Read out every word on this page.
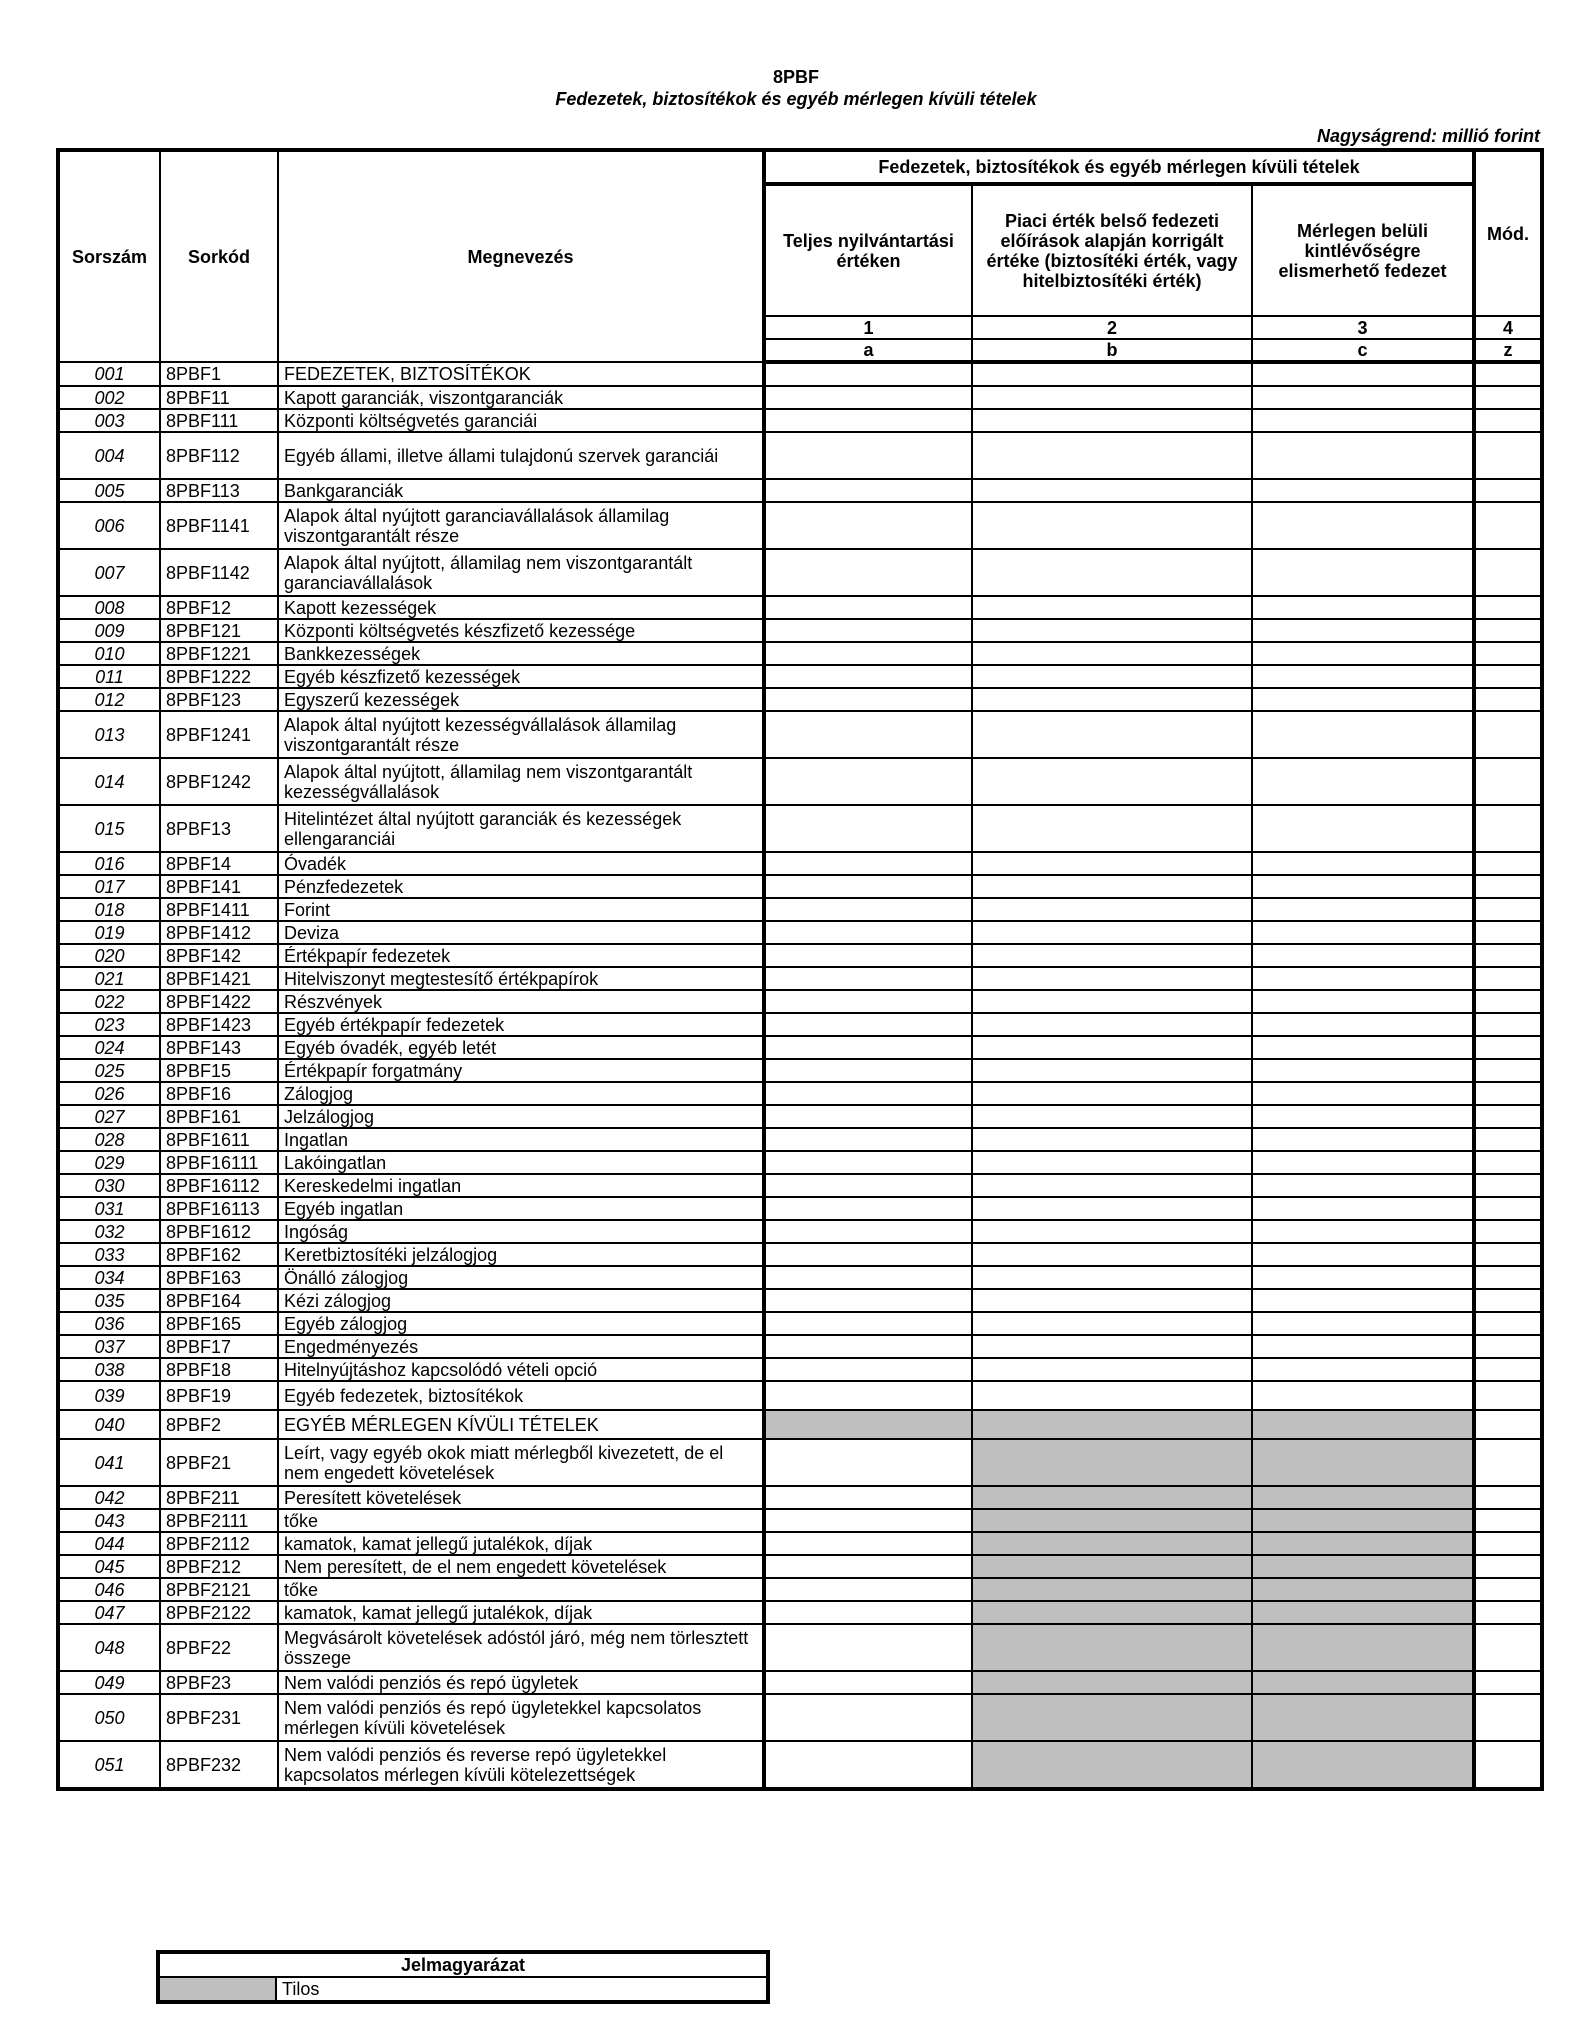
8PBF
Fedezetek, biztosítékok és egyéb mérlegen kívüli tételek
Nagyságrend: millió forint
Sorszám	Sorkód	Megnevezés	Fedezetek, biztosítékok és egyéb mérlegen kívüli tételek			Mód.
			Teljes nyilvántartási értéken	Piaci érték belső fedezeti előírások alapján korrigált értéke (biztosítéki érték, vagy hitelbiztosítéki érték)	Mérlegen belüli kintlévőségre elismerhető fedezet	
			1	2	3	4
			a	b	c	z
001	8PBF1	FEDEZETEK, BIZTOSÍTÉKOK				
002	8PBF11	Kapott garanciák, viszontgaranciák				
003	8PBF111	Központi költségvetés garanciái				
004	8PBF112	Egyéb állami, illetve állami tulajdonú szervek garanciái				
005	8PBF113	Bankgaranciák				
006	8PBF1141	Alapok által nyújtott garanciavállalások államilag viszontgarantált része				
007	8PBF1142	Alapok által nyújtott, államilag nem viszontgarantált garanciavállalások				
008	8PBF12	Kapott kezességek				
009	8PBF121	Központi költségvetés készfizető kezessége				
010	8PBF1221	Bankkezességek				
011	8PBF1222	Egyéb készfizető kezességek				
012	8PBF123	Egyszerű kezességek				
013	8PBF1241	Alapok által nyújtott kezességvállalások államilag viszontgarantált része				
014	8PBF1242	Alapok által nyújtott, államilag nem viszontgarantált kezességvállalások				
015	8PBF13	Hitelintézet által nyújtott garanciák és kezességek ellengaranciái				
016	8PBF14	Óvadék				
017	8PBF141	Pénzfedezetek				
018	8PBF1411	Forint				
019	8PBF1412	Deviza				
020	8PBF142	Értékpapír fedezetek				
021	8PBF1421	Hitelviszonyt megtestesítő értékpapírok				
022	8PBF1422	Részvények				
023	8PBF1423	Egyéb értékpapír fedezetek				
024	8PBF143	Egyéb óvadék, egyéb letét				
025	8PBF15	Értékpapír forgatmány				
026	8PBF16	Zálogjog				
027	8PBF161	Jelzálogjog				
028	8PBF1611	Ingatlan				
029	8PBF16111	Lakóingatlan				
030	8PBF16112	Kereskedelmi ingatlan				
031	8PBF16113	Egyéb ingatlan				
032	8PBF1612	Ingóság				
033	8PBF162	Keretbiztosítéki jelzálogjog				
034	8PBF163	Önálló zálogjog				
035	8PBF164	Kézi zálogjog				
036	8PBF165	Egyéb zálogjog				
037	8PBF17	Engedményezés				
038	8PBF18	Hitelnyújtáshoz kapcsolódó vételi opció				
039	8PBF19	Egyéb fedezetek, biztosítékok				
040	8PBF2	EGYÉB MÉRLEGEN KÍVÜLI TÉTELEK				
041	8PBF21	Leírt, vagy egyéb okok miatt mérlegből kivezetett, de el nem engedett követelések				
042	8PBF211	Peresített követelések				
043	8PBF2111	tőke				
044	8PBF2112	kamatok, kamat jellegű jutalékok, díjak				
045	8PBF212	Nem peresített, de el nem engedett követelések				
046	8PBF2121	tőke				
047	8PBF2122	kamatok, kamat jellegű jutalékok, díjak				
048	8PBF22	Megvásárolt követelések adóstól járó, még nem törlesztett összege				
049	8PBF23	Nem valódi penziós és repó ügyletek				
050	8PBF231	Nem valódi penziós és repó ügyletekkel kapcsolatos mérlegen kívüli követelések				
051	8PBF232	Nem valódi penziós és reverse repó ügyletekkel kapcsolatos mérlegen kívüli kötelezettségek				
Jelmagyarázat
	Tilos
